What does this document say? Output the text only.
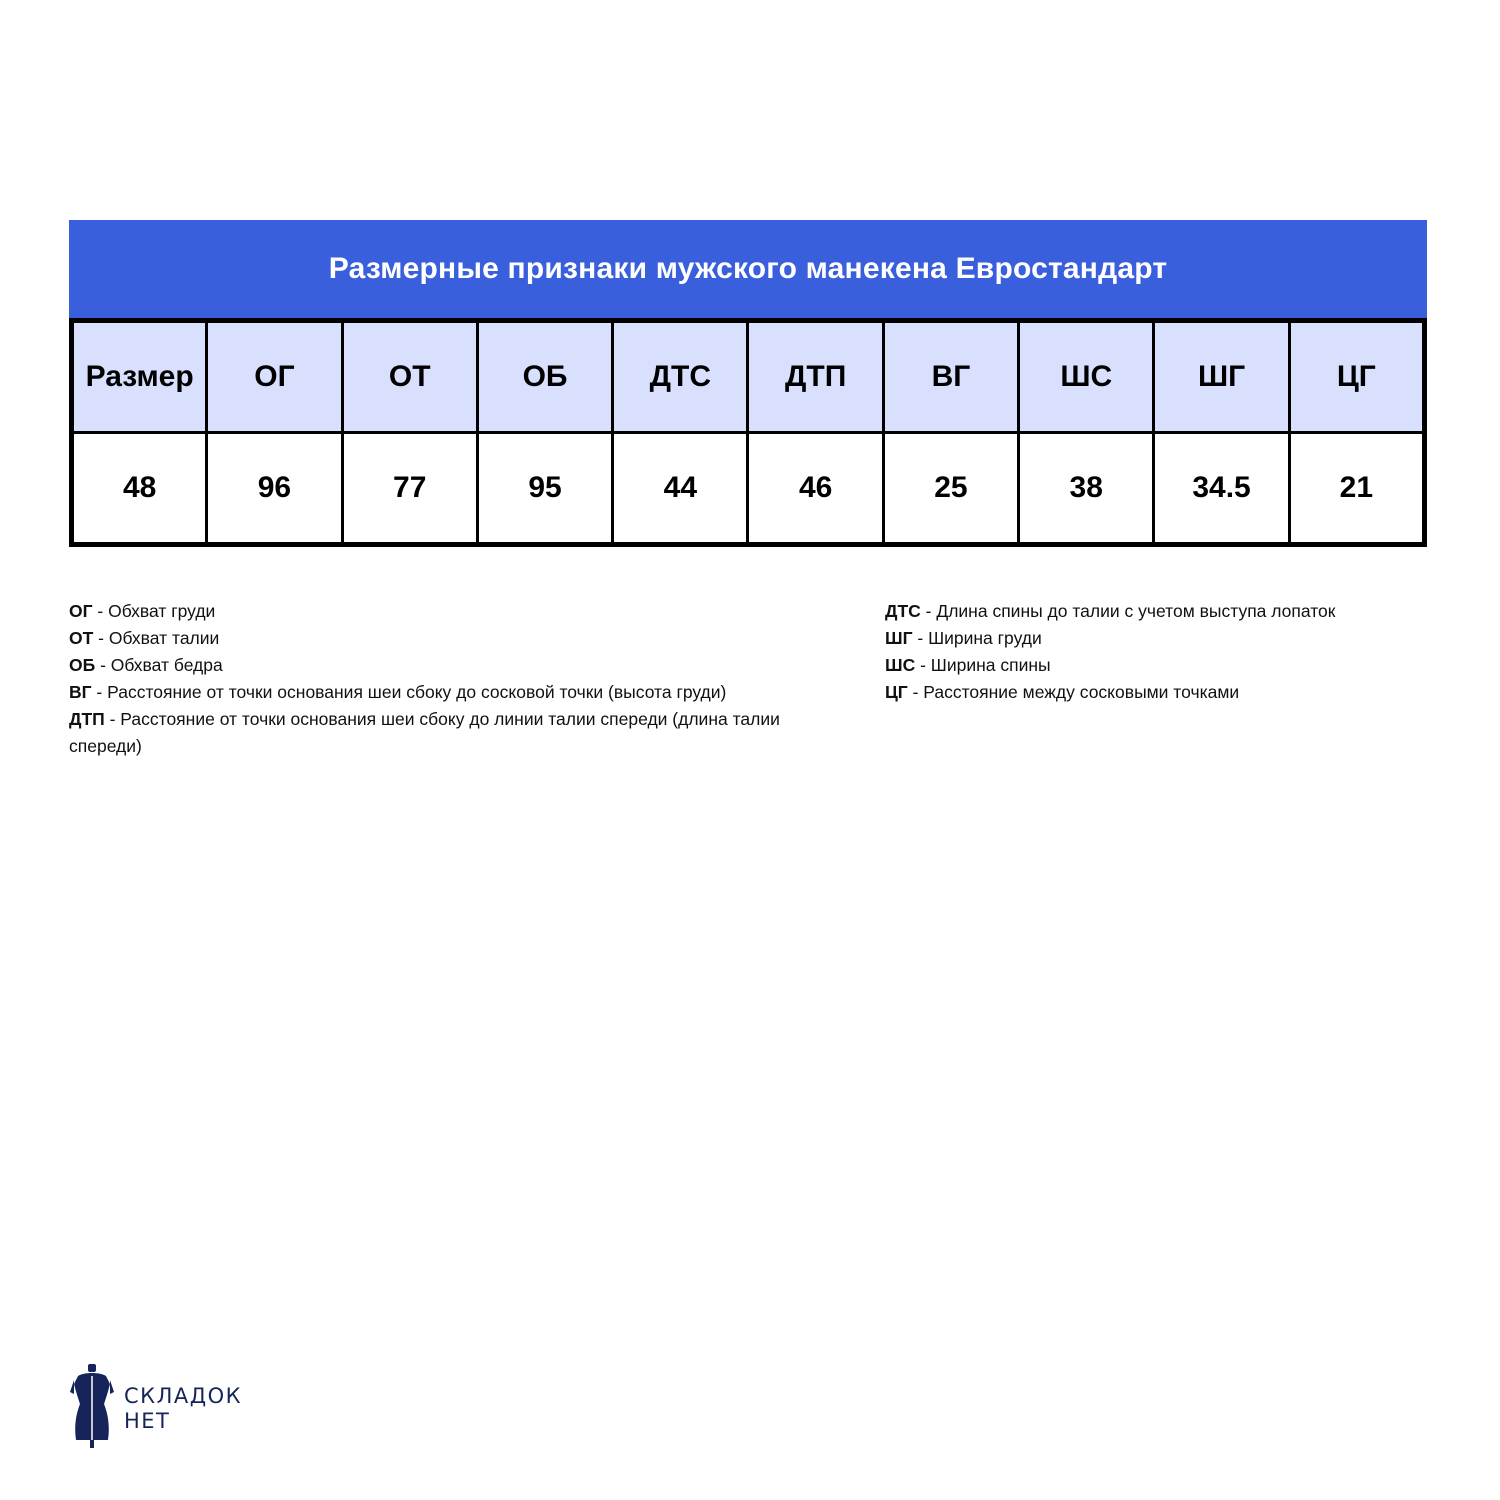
Размерные признаки мужского манекена Евростандарт
Размер	ОГ	ОТ	ОБ	ДТС	ДТП	ВГ	ШС	ШГ	ЦГ
48	96	77	95	44	46	25	38	34.5	21

ОГ - Обхват груди

ОТ - Обхват талии

ОБ - Обхват бедра

ВГ - Расстояние от точки основания шеи сбоку до сосковой точки (высота груди)

ДТП - Расстояние от точки основания шеи сбоку до линии талии спереди (длина талии спереди)

ДТС - Длина спины до талии с учетом выступа лопаток

ШГ - Ширина груди

ШС - Ширина спины

ЦГ - Расстояние между сосковыми точками

СКЛАДОК
НЕТ
